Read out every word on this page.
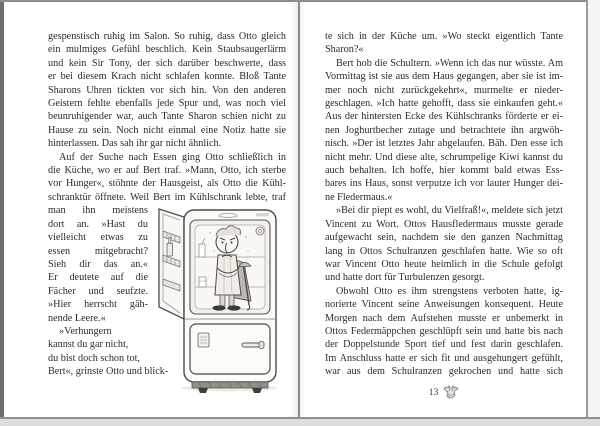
gespenstisch ruhig im Salon. So ruhig, dass Otto gleich
ein mulmiges Gefühl beschlich. Kein Staubsaugerlärm
und kein Sir Tony, der sich darüber beschwerte, dass
er bei diesem Krach nicht schlafen konnte. Bloß Tante
Sharons Uhren tickten vor sich hin. Von den anderen
Geistern fehlte ebenfalls jede Spur und, was noch viel
beunruhigender war, auch Tante Sharon schien nicht zu
Hause zu sein. Noch nicht einmal eine Notiz hatte sie
hinterlassen. Das sah ihr gar nicht ähnlich.
Auf der Suche nach Essen ging Otto schließlich in
die Küche, wo er auf Bert traf. »Mann, Otto, ich sterbe
vor Hunger«, stöhnte der Hausgeist, als Otto die Kühl-
schranktür öffnete. Weil Bert im Kühlschrank lebte, traf
man ihn meistens
dort an. »Hast du
vielleicht etwas zu
essen mitgebracht?
Sieh dir das an.«
Er deutete auf die
Fächer und seufzte.
»Hier herrscht gäh-
nende Leere.«
»Verhungern
kannst du gar nicht,
du bist doch schon tot,
Bert«, grinste Otto und blick-
te sich in der Küche um. »Wo steckt eigentlich Tante
Sharon?«
Bert hob die Schultern. »Wenn ich das nur wüsste. Am
Vormittag ist sie aus dem Haus gegangen, aber sie ist im-
mer noch nicht zurückgekehrt«, murmelte er nieder-
geschlagen. »Ich hatte gehofft, dass sie einkaufen geht.«
Aus der hintersten Ecke des Kühlschranks förderte er ei-
nen Joghurtbecher zutage und betrachtete ihn argwöh-
nisch. »Der ist letztes Jahr abgelaufen. Bäh. Den esse ich
nicht mehr. Und diese alte, schrumpelige Kiwi kannst du
auch behalten. Ich hoffe, hier kommt bald etwas Ess-
bares ins Haus, sonst verputze ich vor lauter Hunger dei-
ne Fledermaus.«
»Bei dir piept es wohl, du Vielfraß!«, meldete sich jetzt
Vincent zu Wort. Ottos Hausfledermaus musste gerade
aufgewacht sein, nachdem sie den ganzen Nachmittag
lang in Ottos Schulranzen geschlafen hatte. Wie so oft
war Vincent Otto heute heimlich in die Schule gefolgt
und hatte dort für Turbulenzen gesorgt.
Obwohl Otto es ihm strengstens verboten hatte, ig-
norierte Vincent seine Anweisungen konsequent. Heute
Morgen nach dem Aufstehen musste er unbemerkt in
Ottos Federmäppchen geschlüpft sein und hatte bis nach
der Doppelstunde Sport tief und fest darin geschlafen.
Im Anschluss hatte er sich fit und ausgehungert gefühlt,
war aus dem Schulranzen gekrochen und hatte sich
13
